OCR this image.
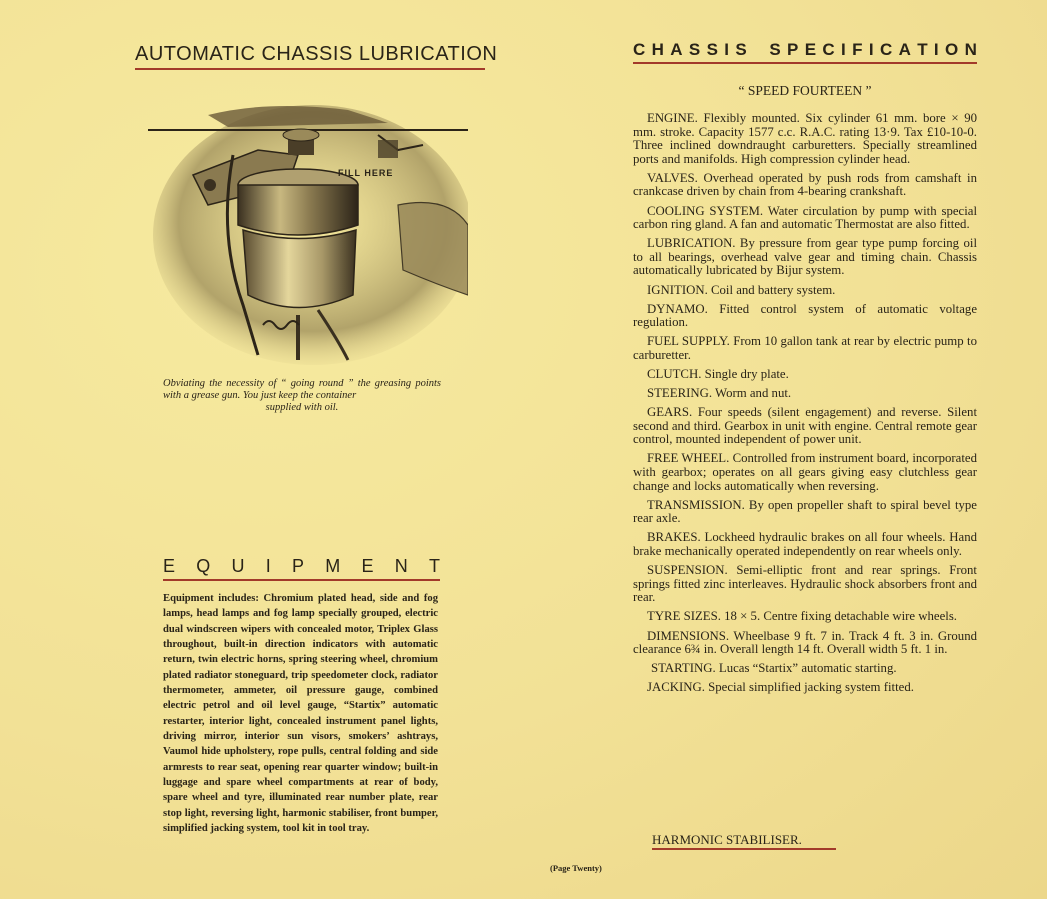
AUTOMATIC CHASSIS LUBRICATION
FILL HERE
Obviating the necessity of “ going round ” the greasing points with a grease gun. You just keep the container
supplied with oil.
E Q U I P M E N T
Equipment includes: Chromium plated head, side and fog lamps, head lamps and fog lamp specially grouped, electric dual windscreen wipers with concealed motor, Triplex Glass throughout, built-in direction indicators with automatic return, twin electric horns, spring steering wheel, chromium plated radiator stoneguard, trip speedometer clock, radiator thermometer, ammeter, oil pressure gauge, combined electric petrol and oil level gauge, “Startix” automatic restarter, interior light, concealed instrument panel lights, driving mirror, interior sun visors, smokers’ ashtrays, Vaumol hide upholstery, rope pulls, central folding and side armrests to rear seat, opening rear quarter window; built-in luggage and spare wheel compartments at rear of body, spare wheel and tyre, illuminated rear number plate, rear stop light, reversing light, harmonic stabiliser, front bumper, simplified jacking system, tool kit in tool tray.
C H A S S I S S P E C I F I C A T I O N
“ SPEED FOURTEEN ”

ENGINE. Flexibly mounted. Six cylinder 61 mm. bore × 90 mm. stroke. Capacity 1577 c.c. R.A.C. rating 13·9. Tax £10-10-0. Three inclined downdraught carburetters. Specially streamlined ports and manifolds. High compression cylinder head.

VALVES. Overhead operated by push rods from camshaft in crankcase driven by chain from 4-bearing crankshaft.

COOLING SYSTEM. Water circulation by pump with special carbon ring gland. A fan and automatic Thermostat are also fitted.

LUBRICATION. By pressure from gear type pump forcing oil to all bearings, overhead valve gear and timing chain. Chassis automatically lubricated by Bijur system.

IGNITION. Coil and battery system.

DYNAMO. Fitted control system of automatic voltage regulation.

FUEL SUPPLY. From 10 gallon tank at rear by electric pump to carburetter.

CLUTCH. Single dry plate.

STEERING. Worm and nut.

GEARS. Four speeds (silent engagement) and reverse. Silent second and third. Gearbox in unit with engine. Central remote gear control, mounted independent of power unit.

FREE WHEEL. Controlled from instrument board, incorporated with gearbox; operates on all gears giving easy clutchless gear change and locks automatically when reversing.

TRANSMISSION. By open propeller shaft to spiral bevel type rear axle.

BRAKES. Lockheed hydraulic brakes on all four wheels. Hand brake mechanically operated independently on rear wheels only.

SUSPENSION. Semi-elliptic front and rear springs. Front springs fitted zinc interleaves. Hydraulic shock absorbers front and rear.

TYRE SIZES. 18 × 5. Centre fixing detachable wire wheels.

DIMENSIONS. Wheelbase 9 ft. 7 in. Track 4 ft. 3 in. Ground clearance 6¾ in. Overall length 14 ft. Overall width 5 ft. 1 in.

STARTING. Lucas “Startix” automatic starting.

JACKING. Special simplified jacking system fitted.

HARMONIC STABILISER.
(Page Twenty)
